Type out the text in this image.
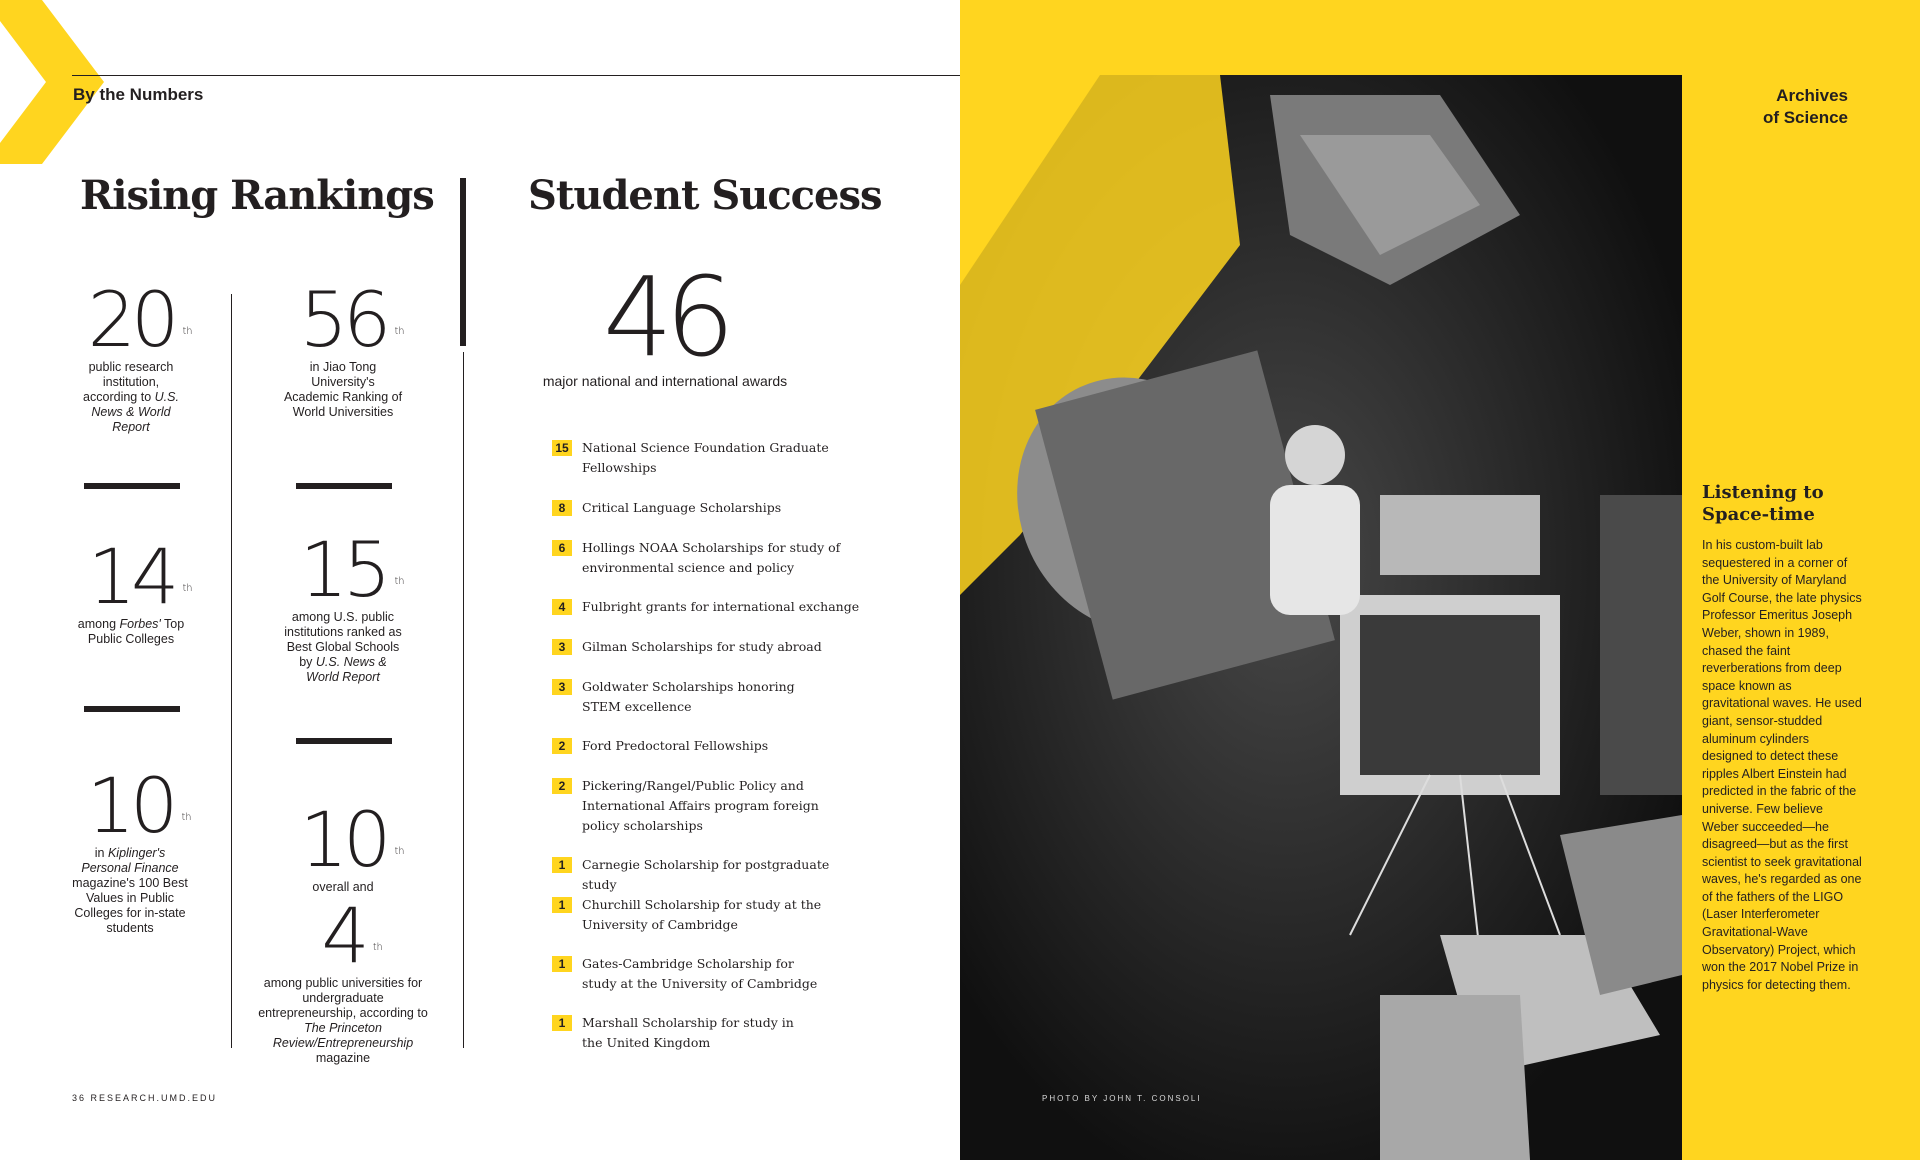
By the Numbers
Rising Rankings Student Success
20 th
public research institution, according to U.S. News & World Report
14 th
among Forbes' Top Public Colleges
10 th
in Kiplinger's Personal Finance magazine's 100 Best Values in Public Colleges for in-state students
56 th
in Jiao Tong University's Academic Ranking of World Universities
15 th
among U.S. public institutions ranked as Best Global Schools by U.S. News & World Report
10 th
overall and
4 th
among public universities for undergraduate entrepreneurship, according to The Princeton Review/Entrepreneurship magazine
46
major national and international awards
15 National Science Foundation Graduate Fellowships
8	Critical Language Scholarships
6	Hollings NOAA Scholarships for study of environmental science and policy
4	Fulbright grants for international exchange
3	Gilman Scholarships for study abroad
3	Goldwater Scholarships honoring STEM excellence
2	Ford Predoctoral Fellowships
2	Pickering/Rangel/Public Policy and International Affairs program foreign policy scholarships
1	Carnegie Scholarship for postgraduate study
1	Churchill Scholarship for study at the University of Cambridge
1	Gates-Cambridge Scholarship for study at the University of Cambridge
1	Marshall Scholarship for study in the United Kingdom
36 RESEARCH.UMD.EDU
Archives
of Science
PHOTO BY JOHN T. CONSOLI
Listening to Space-time
In his custom-built lab sequestered in a corner of the University of Maryland Golf Course, the late physics Professor Emeritus Joseph Weber, shown in 1989, chased the faint reverberations from deep space known as gravitational waves. He used giant, sensor-studded aluminum cylinders designed to detect these ripples Albert Einstein had predicted in the fabric of the universe. Few believe Weber succeeded—he disagreed—but as the first scientist to seek gravitational waves, he's regarded as one of the fathers of the LIGO (Laser Interferometer Gravitational-Wave Observatory) Project, which won the 2017 Nobel Prize in physics for detecting them.
